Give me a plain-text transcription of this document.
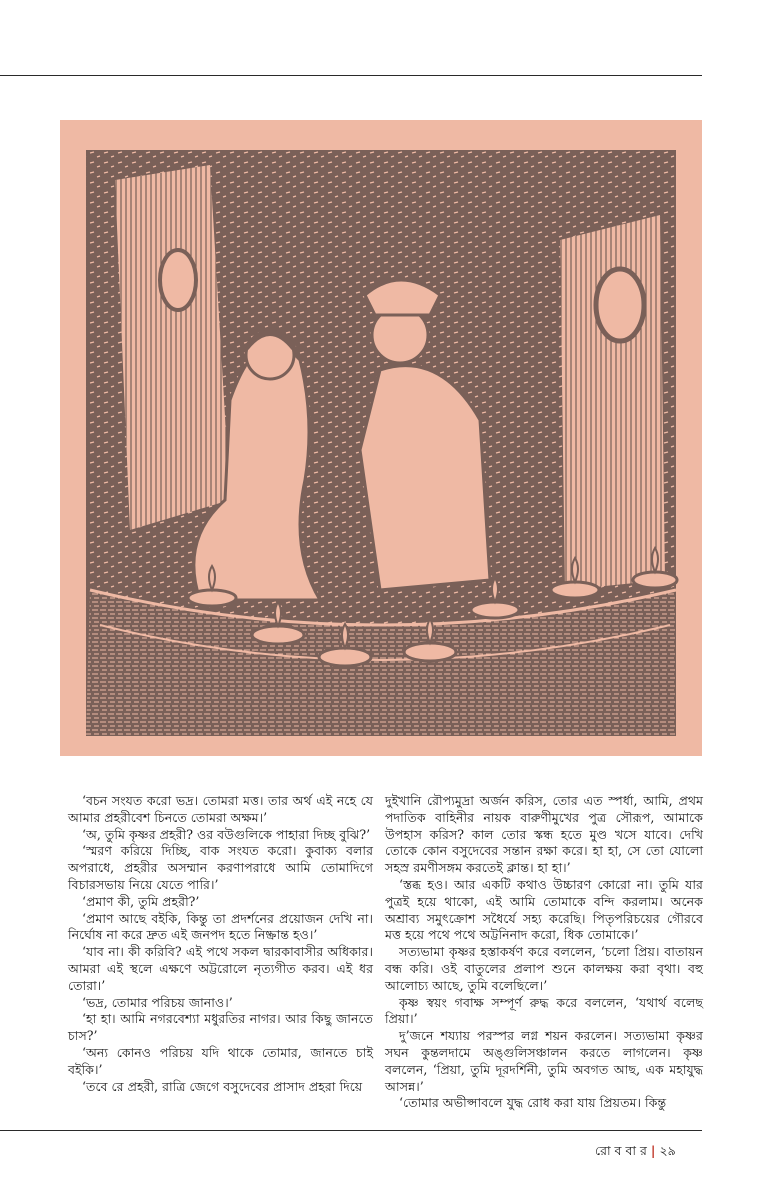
‘বচন সংযত করো ভদ্র। তোমরা মত্ত। তার অর্থ এই নহে যে আমার প্রহরীবেশ চিনতে তোমরা অক্ষম।’

‘অ, তুমি কৃষ্ণর প্রহরী? ওর বউগুলিকে পাহারা দিচ্ছ বুঝি?’

‘স্মরণ করিয়ে দিচ্ছি, বাক সংযত করো। কুবাক্য বলার অপরাধে, প্রহরীর অসম্মান করণাপরাধে আমি তোমাদিগে বিচারসভায় নিয়ে যেতে পারি।’

‘প্রমাণ কী, তুমি প্রহরী?’

‘প্রমাণ আছে বইকি, কিন্তু তা প্রদর্শনের প্রয়োজন দেখি না। নির্ঘোষ না করে দ্রুত এই জনপদ হতে নিষ্ক্রান্ত হও।’

‘যাব না। কী করিবি? এই পথে সকল দ্বারকাবাসীর অধিকার। আমরা এই স্থলে এক্ষণে অট্টরোলে নৃত্যগীত করব। এই ধর তোরা।’

‘ভদ্র, তোমার পরিচয় জানাও।’

‘হা হা। আমি নগরবেশ্যা মধুরতির নাগর। আর কিছু জানতে চাস?’

‘অন্য কোনও পরিচয় যদি থাকে তোমার, জানতে চাই বইকি।’

‘তবে রে প্রহরী, রাত্রি জেগে বসুদেবের প্রাসাদ প্রহরা দিয়ে

দুইখানি রৌপ্যমুদ্রা অর্জন করিস, তোর এত স্পর্ধা, আমি, প্রথম পদাতিক বাহিনীর নায়ক বারুণীমুখের পুত্র সৌরূপ, আমাকে উপহাস করিস? কাল তোর স্কন্ধ হতে মুণ্ড খসে যাবে। দেখি তোকে কোন বসুদেবের সন্তান রক্ষা করে। হা হা, সে তো যোলো সহস্র রমণীসঙ্গম করতেই ক্লান্ত। হা হা।’

‘স্তব্ধ হও। আর একটি কথাও উচ্চারণ কোরো না। তুমি যার পুত্রই হয়ে থাকো, এই আমি তোমাকে বন্দি করলাম। অনেক অশ্রাব্য সমুৎক্রোশ সধৈর্যে সহ্য করেছি। পিতৃপরিচয়ের গৌরবে মত্ত হয়ে পথে পথে অট্টনিনাদ করো, ধিক তোমাকে।’

সত্যভামা কৃষ্ণর হস্তাকর্ষণ করে বললেন, ‘চলো প্রিয়। বাতায়ন বন্ধ করি। ওই বাতুলের প্রলাপ শুনে কালক্ষয় করা বৃথা। বহু আলোচ্য আছে, তুমি বলেছিলে।’

কৃষ্ণ স্বয়ং গবাক্ষ সম্পূর্ণ রুদ্ধ করে বললেন, ‘যথার্থ বলেছ প্রিয়া।’

দু’জনে শয্যায় পরস্পর লগ্ন শয়ন করলেন। সত্যভামা কৃষ্ণর সঘন কুন্তলদামে অঙ্গুলিসঞ্চালন করতে লাগলেন। কৃষ্ণ বললেন, ‘প্রিয়া, তুমি দূরদর্শিনী, তুমি অবগত আছ, এক মহাযুদ্ধ আসন্ন।’

‘তোমার অভীপ্সাবলে যুদ্ধ রোধ করা যায় প্রিয়তম। কিন্তু

রো ব বা র | ২৯
